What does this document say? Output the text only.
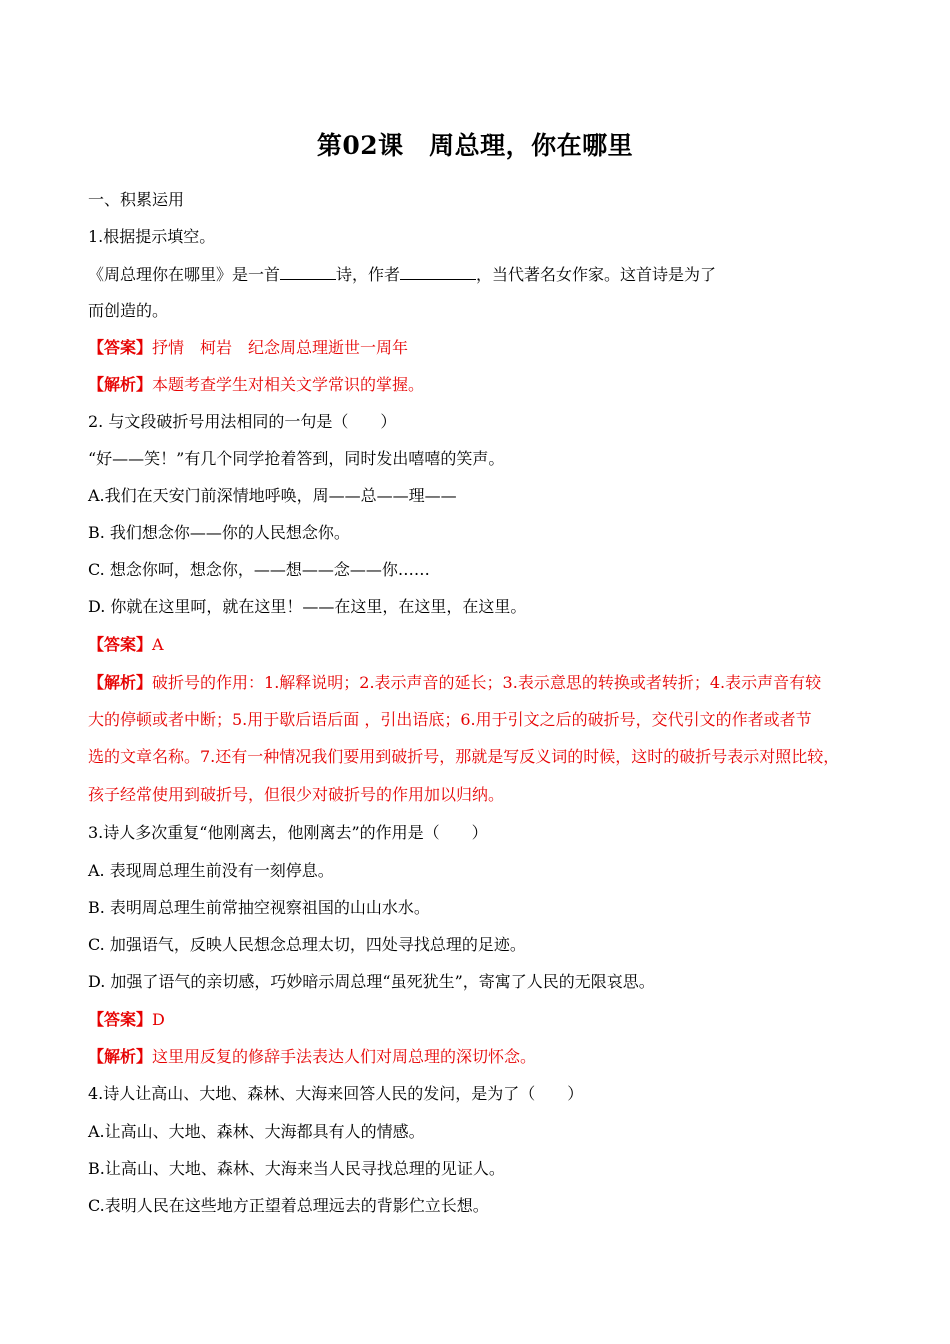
第02课　周总理，你在哪里
一、积累运用
1.根据提示填空。
《周总理你在哪里》是一首	诗，作者	，当代著名女作家。这首诗是为了
而创造的。
【答案】抒情　柯岩　纪念周总理逝世一周年
【解析】本题考查学生对相关文学常识的掌握。
2. 与文段破折号用法相同的一句是（　　）
“好——笑！”有几个同学抢着答到，同时发出嘻嘻的笑声。
A.我们在天安门前深情地呼唤，周——总——理——
B. 我们想念你——你的人民想念你。
C. 想念你呵，想念你，——想——念——你……
D. 你就在这里呵，就在这里！——在这里，在这里，在这里。
【答案】A
【解析】破折号的作用：1.解释说明；2.表示声音的延长；3.表示意思的转换或者转折；4.表示声音有较
大的停顿或者中断；5.用于歇后语后面 ，引出语底；6.用于引文之后的破折号，交代引文的作者或者节
选的文章名称。7.还有一种情况我们要用到破折号，那就是写反义词的时候，这时的破折号表示对照比较，
孩子经常使用到破折号，但很少对破折号的作用加以归纳。
3.诗人多次重复“他刚离去，他刚离去”的作用是（　　）
A. 表现周总理生前没有一刻停息。
B. 表明周总理生前常抽空视察祖国的山山水水。
C. 加强语气，反映人民想念总理太切，四处寻找总理的足迹。
D. 加强了语气的亲切感，巧妙暗示周总理“虽死犹生”，寄寓了人民的无限哀思。
【答案】D
【解析】这里用反复的修辞手法表达人们对周总理的深切怀念。
4.诗人让高山、大地、森林、大海来回答人民的发问，是为了（　　）
A.让高山、大地、森林、大海都具有人的情感。
B.让高山、大地、森林、大海来当人民寻找总理的见证人。
C.表明人民在这些地方正望着总理远去的背影伫立长想。
